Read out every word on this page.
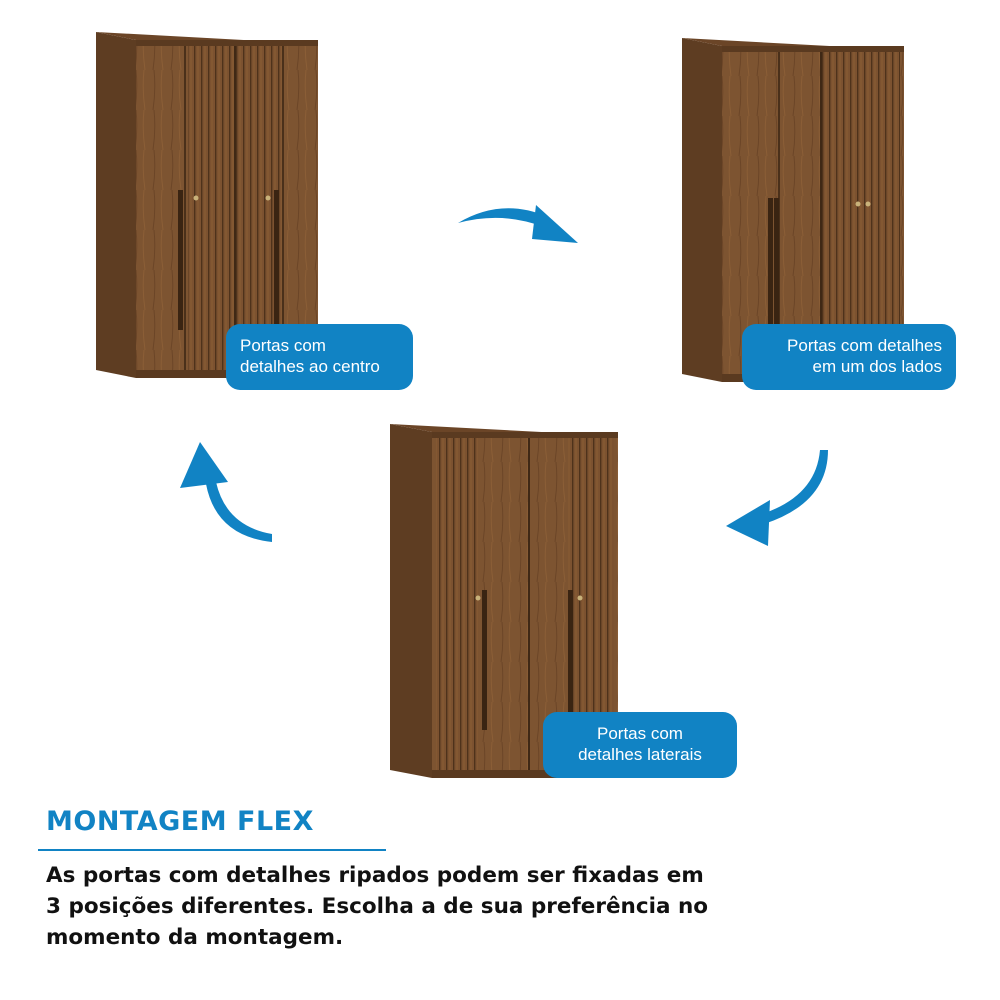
Portas com
detalhes ao centro
Portas com detalhes
em um dos lados
Portas com
detalhes laterais
MONTAGEM FLEX
As portas com detalhes ripados podem ser fixadas em
3 posições diferentes. Escolha a de sua preferência no
momento da montagem.
